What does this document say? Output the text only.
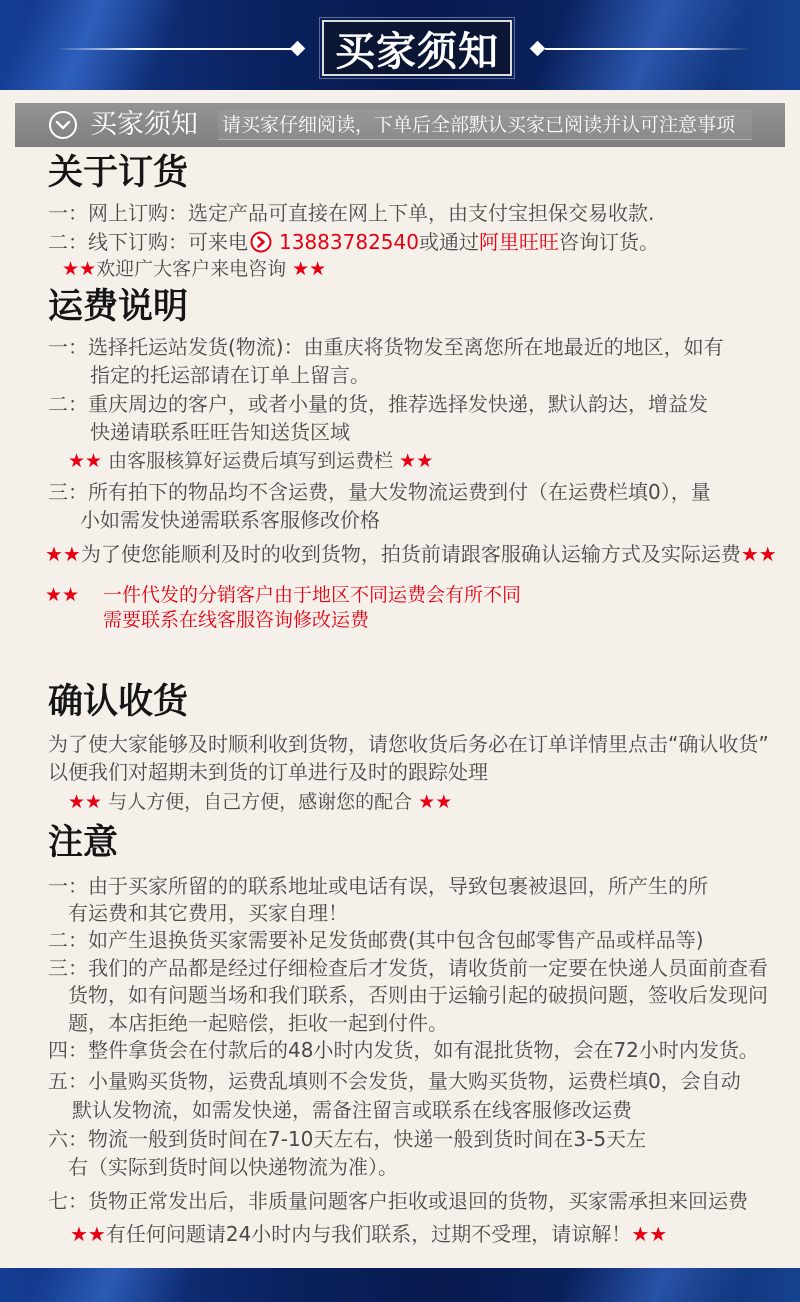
买家须知
买家须知 请买家仔细阅读，下单后全部默认买家已阅读并认可注意事项
关于订货
一：网上订购：选定产品可直接在网上下单，由支付宝担保交易收款.
二：线下订购：可来电 13883782540或通过阿里旺旺咨询订货。
★★欢迎广大客户来电咨询 ★★
运费说明
一：选择托运站发货(物流)：由重庆将货物发至离您所在地最近的地区，如有
指定的托运部请在订单上留言。
二：重庆周边的客户，或者小量的货，推荐选择发快递，默认韵达，增益发
快递请联系旺旺告知送货区域
★★ 由客服核算好运费后填写到运费栏 ★★
三：所有拍下的物品均不含运费，量大发物流运费到付（在运费栏填0），量
小如需发快递需联系客服修改价格
★★为了使您能顺利及时的收到货物，拍货前请跟客服确认运输方式及实际运费★★
★★ 一件代发的分销客户由于地区不同运费会有所不同
需要联系在线客服咨询修改运费
确认收货
为了使大家能够及时顺利收到货物，请您收货后务必在订单详情里点击“确认收货”
以便我们对超期未到货的订单进行及时的跟踪处理
★★ 与人方便，自己方便，感谢您的配合 ★★
注意
一：由于买家所留的的联系地址或电话有误，导致包裹被退回，所产生的所
有运费和其它费用，买家自理！
二：如产生退换货买家需要补足发货邮费(其中包含包邮零售产品或样品等)
三：我们的产品都是经过仔细检查后才发货，请收货前一定要在快递人员面前查看
货物，如有问题当场和我们联系，否则由于运输引起的破损问题，签收后发现问
题，本店拒绝一起赔偿，拒收一起到付件。
四：整件拿货会在付款后的48小时内发货，如有混批货物，会在72小时内发货。
五：小量购买货物，运费乱填则不会发货，量大购买货物，运费栏填0，会自动
默认发物流，如需发快递，需备注留言或联系在线客服修改运费
六：物流一般到货时间在7-10天左右，快递一般到货时间在3-5天左
右（实际到货时间以快递物流为准）。
七：货物正常发出后，非质量问题客户拒收或退回的货物，买家需承担来回运费
★★有任何问题请24小时内与我们联系，过期不受理，请谅解！★★
